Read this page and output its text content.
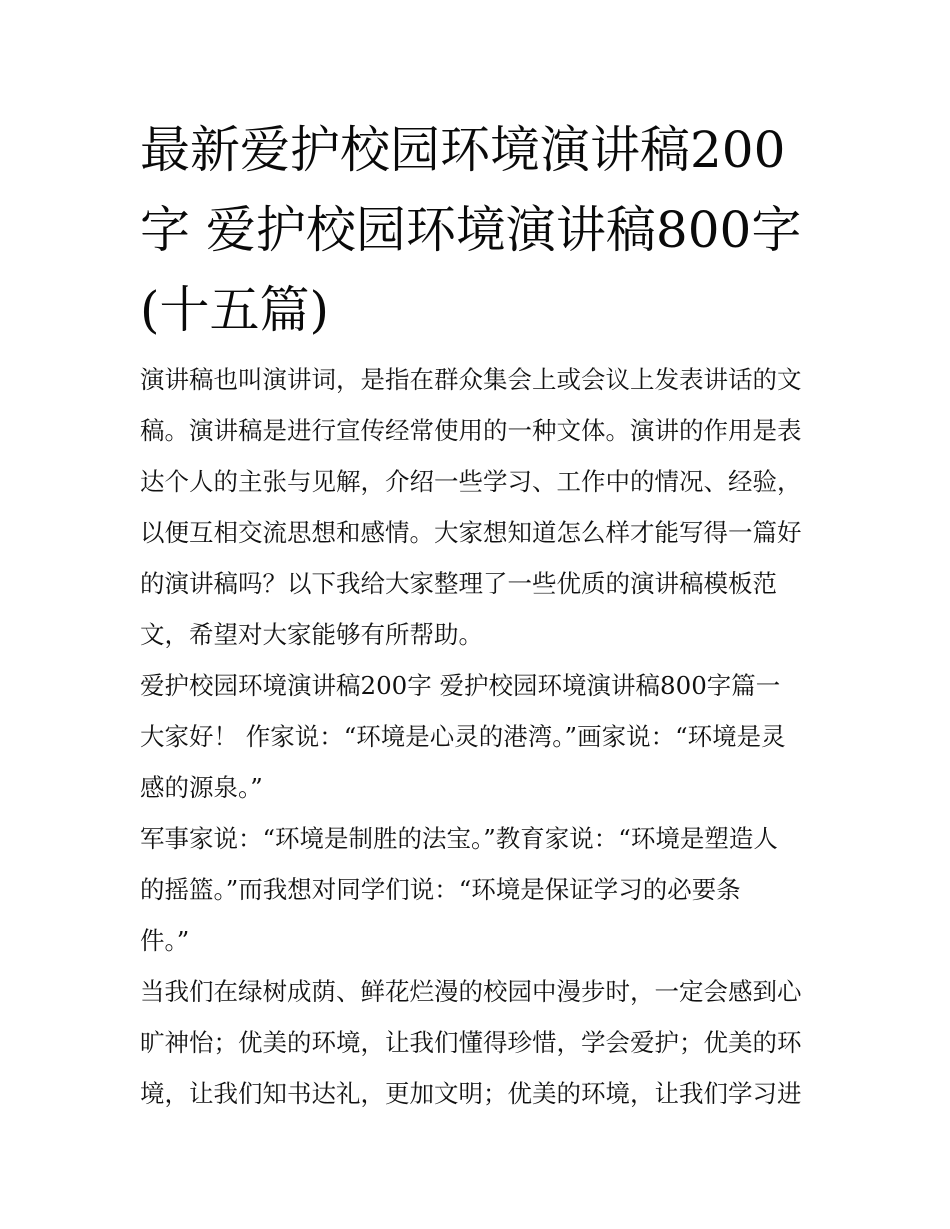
最新爱护校园环境演讲稿200
字 爱护校园环境演讲稿800字
(十五篇)
演讲稿也叫演讲词，是指在群众集会上或会议上发表讲话的文
稿。演讲稿是进行宣传经常使用的一种文体。演讲的作用是表
达个人的主张与见解，介绍一些学习、工作中的情况、经验，
以便互相交流思想和感情。大家想知道怎么样才能写得一篇好
的演讲稿吗？以下我给大家整理了一些优质的演讲稿模板范
文，希望对大家能够有所帮助。
爱护校园环境演讲稿200字 爱护校园环境演讲稿800字篇一
大家好！ 作家说：“环境是心灵的港湾。”画家说：“环境是灵
感的源泉。”
军事家说：“环境是制胜的法宝。”教育家说：“环境是塑造人
的摇篮。”而我想对同学们说：“环境是保证学习的必要条
件。”
当我们在绿树成荫、鲜花烂漫的校园中漫步时，一定会感到心
旷神怡；优美的环境，让我们懂得珍惜，学会爱护；优美的环
境，让我们知书达礼，更加文明；优美的环境，让我们学习进
